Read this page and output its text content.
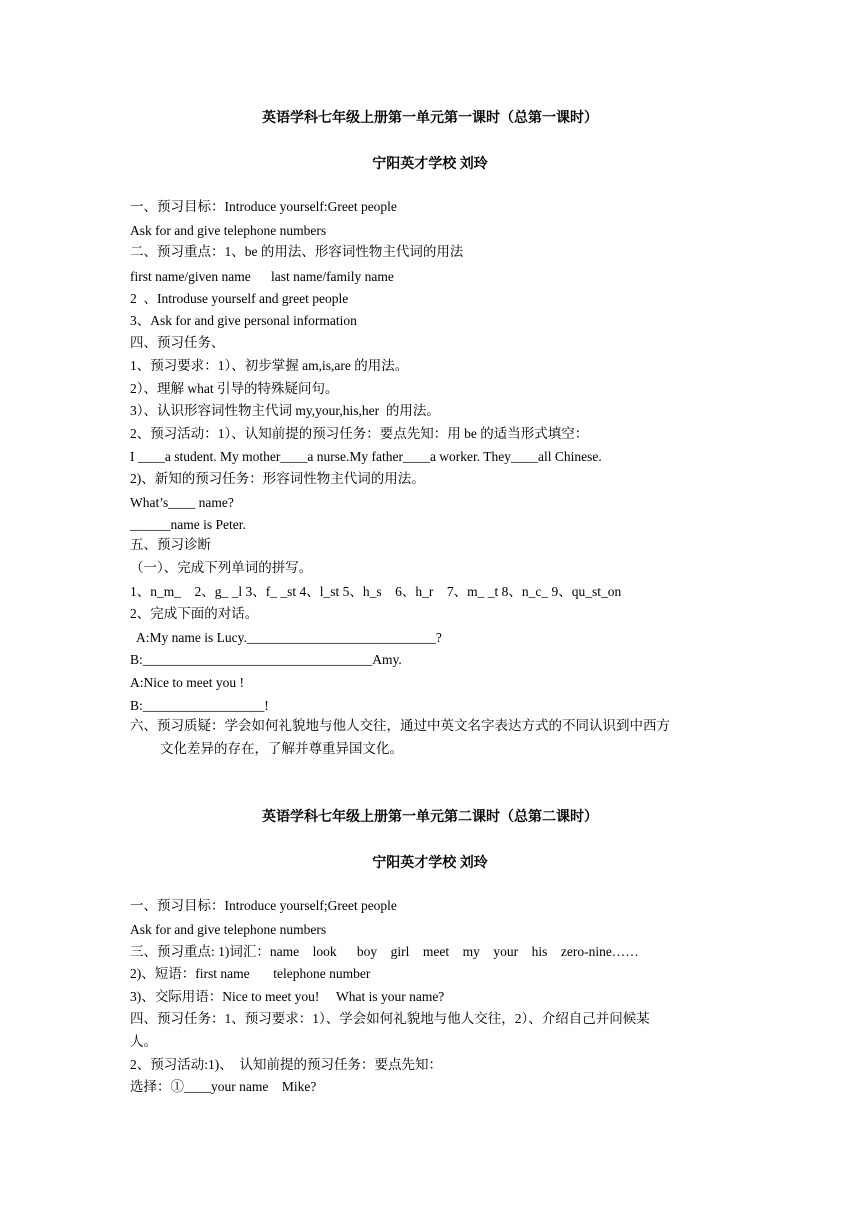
英语学科七年级上册第一单元第一课时（总第一课时）
宁阳英才学校 刘玲
一、预习目标：Introduce yourself:Greet people
Ask for and give telephone numbers
二、预习重点：1、be 的用法、形容词性物主代词的用法
first name/given name      last name/family name
2  、Introduse yourself and greet people
3、Ask for and give personal information
四、预习任务、
1、预习要求：1）、初步掌握 am,is,are 的用法。
2）、理解 what 引导的特殊疑问句。
3）、认识形容词性物主代词 my,your,his,her  的用法。
2、预习活动：1）、认知前提的预习任务：要点先知：用 be 的适当形式填空：
I ____a student. My mother____a nurse.My father____a worker. They____all Chinese.
2)、新知的预习任务：形容词性物主代词的用法。
What’s____ name?
______name is Peter.
五、预习诊断
（一）、完成下列单词的拼写。
1、n_m_    2、g_ _l 3、f_ _st 4、l_st 5、h_s    6、h_r    7、m_ _t 8、n_c_ 9、qu_st_on
2、完成下面的对话。
A:My name is Lucy.____________________________?
B:__________________________________Amy.
A:Nice to meet you !
B:__________________!
六、预习质疑：学会如何礼貌地与他人交往，通过中英文名字表达方式的不同认识到中西方
文化差异的存在，了解并尊重异国文化。
英语学科七年级上册第一单元第二课时（总第二课时）
宁阳英才学校 刘玲
一、预习目标：Introduce yourself;Greet people
Ask for and give telephone numbers
三、预习重点: 1)词汇：name    look      boy    girl    meet    my    your    his    zero-nine……
2)、短语：first name       telephone number
3)、交际用语：Nice to meet you!     What is your name?
四、预习任务：1、预习要求：1）、学会如何礼貌地与他人交往，2）、介绍自己并问候某
人。
2、预习活动:1)、  认知前提的预习任务：要点先知：
选择：①____your name    Mike?
